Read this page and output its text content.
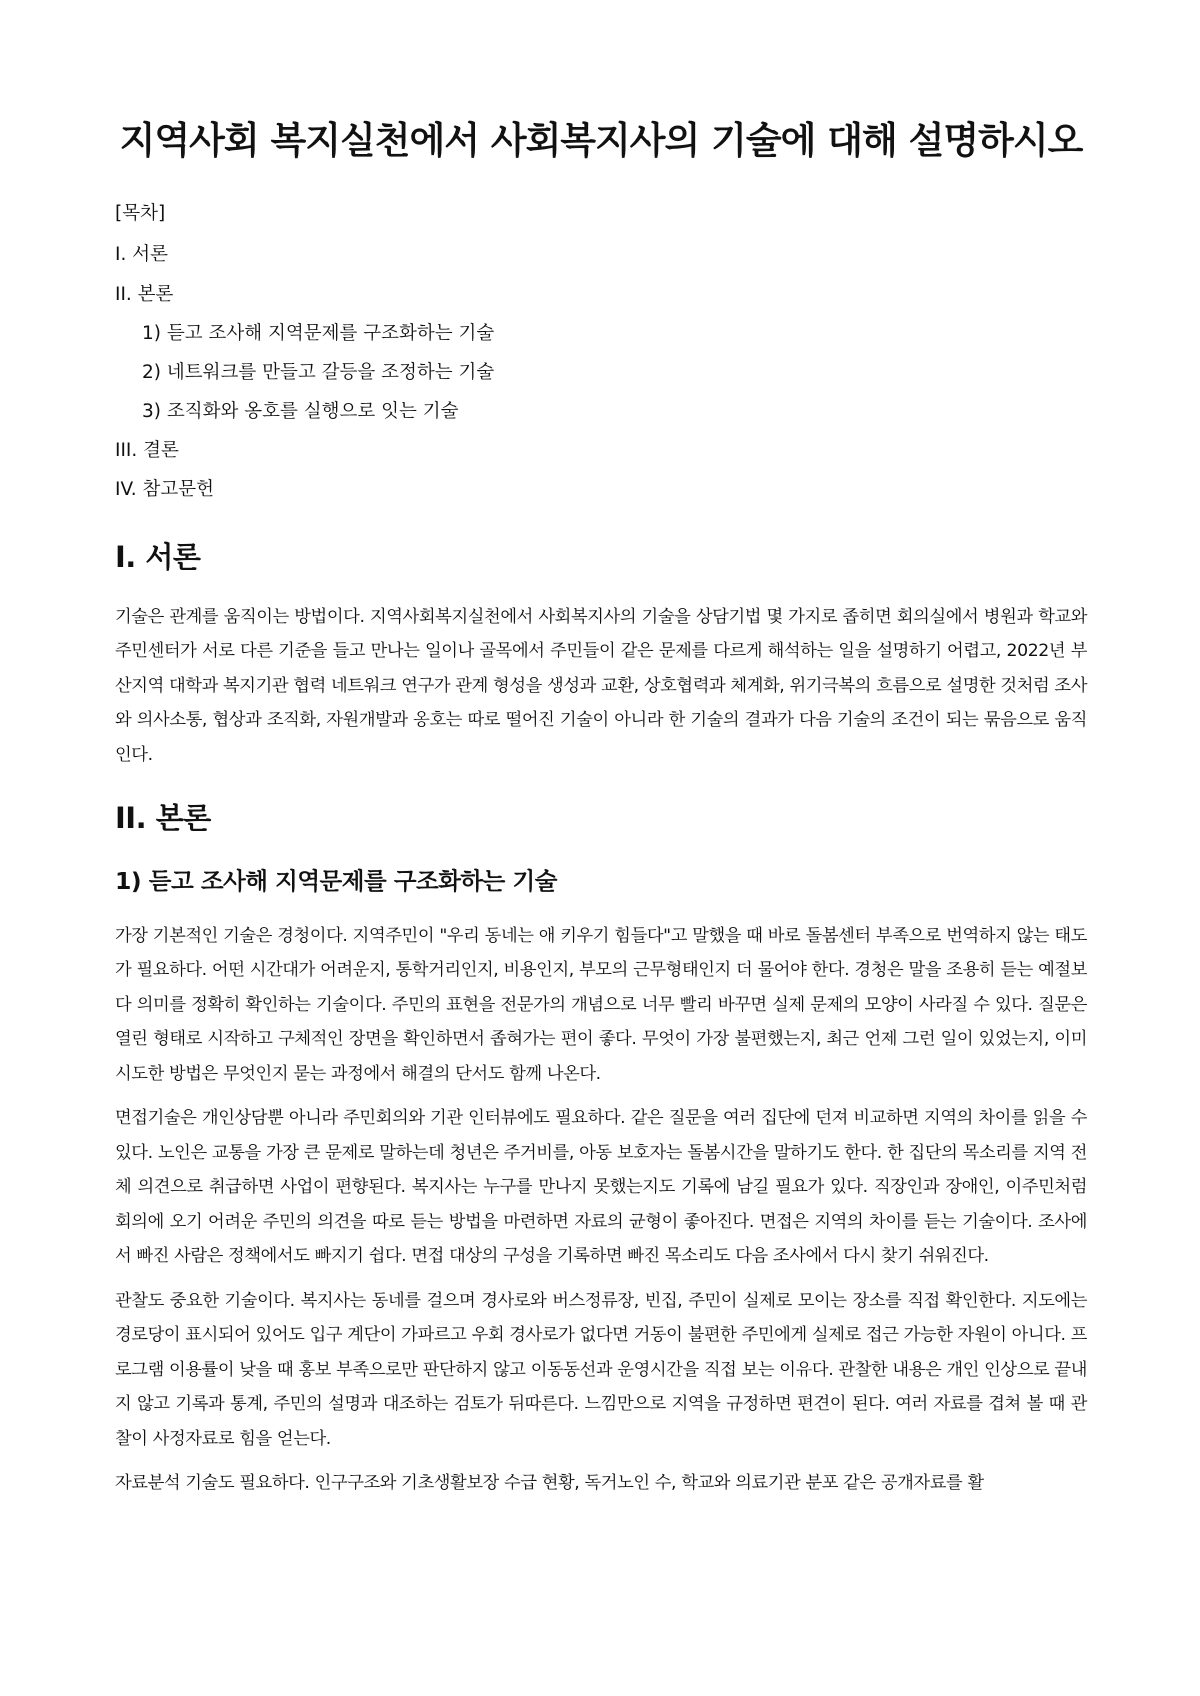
지역사회 복지실천에서 사회복지사의 기술에 대해 설명하시오
[목차]
I. 서론
II. 본론
1) 듣고 조사해 지역문제를 구조화하는 기술
2) 네트워크를 만들고 갈등을 조정하는 기술
3) 조직화와 옹호를 실행으로 잇는 기술
III. 결론
IV. 참고문헌
I. 서론

기술은 관계를 움직이는 방법이다. 지역사회복지실천에서 사회복지사의 기술을 상담기법 몇 가지로 좁히면 회의실에서 병원과 학교와 주민센터가 서로 다른 기준을 들고 만나는 일이나 골목에서 주민들이 같은 문제를 다르게 해석하는 일을 설명하기 어렵고, 2022년 부산지역 대학과 복지기관 협력 네트워크 연구가 관계 형성을 생성과 교환, 상호협력과 체계화, 위기극복의 흐름으로 설명한 것처럼 조사와 의사소통, 협상과 조직화, 자원개발과 옹호는 따로 떨어진 기술이 아니라 한 기술의 결과가 다음 기술의 조건이 되는 묶음으로 움직인다.

II. 본론
1) 듣고 조사해 지역문제를 구조화하는 기술

가장 기본적인 기술은 경청이다. 지역주민이 "우리 동네는 애 키우기 힘들다"고 말했을 때 바로 돌봄센터 부족으로 번역하지 않는 태도가 필요하다. 어떤 시간대가 어려운지, 통학거리인지, 비용인지, 부모의 근무형태인지 더 물어야 한다. 경청은 말을 조용히 듣는 예절보다 의미를 정확히 확인하는 기술이다. 주민의 표현을 전문가의 개념으로 너무 빨리 바꾸면 실제 문제의 모양이 사라질 수 있다. 질문은 열린 형태로 시작하고 구체적인 장면을 확인하면서 좁혀가는 편이 좋다. 무엇이 가장 불편했는지, 최근 언제 그런 일이 있었는지, 이미 시도한 방법은 무엇인지 묻는 과정에서 해결의 단서도 함께 나온다.

면접기술은 개인상담뿐 아니라 주민회의와 기관 인터뷰에도 필요하다. 같은 질문을 여러 집단에 던져 비교하면 지역의 차이를 읽을 수 있다. 노인은 교통을 가장 큰 문제로 말하는데 청년은 주거비를, 아동 보호자는 돌봄시간을 말하기도 한다. 한 집단의 목소리를 지역 전체 의견으로 취급하면 사업이 편향된다. 복지사는 누구를 만나지 못했는지도 기록에 남길 필요가 있다. 직장인과 장애인, 이주민처럼 회의에 오기 어려운 주민의 의견을 따로 듣는 방법을 마련하면 자료의 균형이 좋아진다. 면접은 지역의 차이를 듣는 기술이다. 조사에서 빠진 사람은 정책에서도 빠지기 쉽다. 면접 대상의 구성을 기록하면 빠진 목소리도 다음 조사에서 다시 찾기 쉬워진다.

관찰도 중요한 기술이다. 복지사는 동네를 걸으며 경사로와 버스정류장, 빈집, 주민이 실제로 모이는 장소를 직접 확인한다. 지도에는 경로당이 표시되어 있어도 입구 계단이 가파르고 우회 경사로가 없다면 거동이 불편한 주민에게 실제로 접근 가능한 자원이 아니다. 프로그램 이용률이 낮을 때 홍보 부족으로만 판단하지 않고 이동동선과 운영시간을 직접 보는 이유다. 관찰한 내용은 개인 인상으로 끝내지 않고 기록과 통계, 주민의 설명과 대조하는 검토가 뒤따른다. 느낌만으로 지역을 규정하면 편견이 된다. 여러 자료를 겹쳐 볼 때 관찰이 사정자료로 힘을 얻는다.

자료분석 기술도 필요하다. 인구구조와 기초생활보장 수급 현황, 독거노인 수, 학교와 의료기관 분포 같은 공개자료를 활
